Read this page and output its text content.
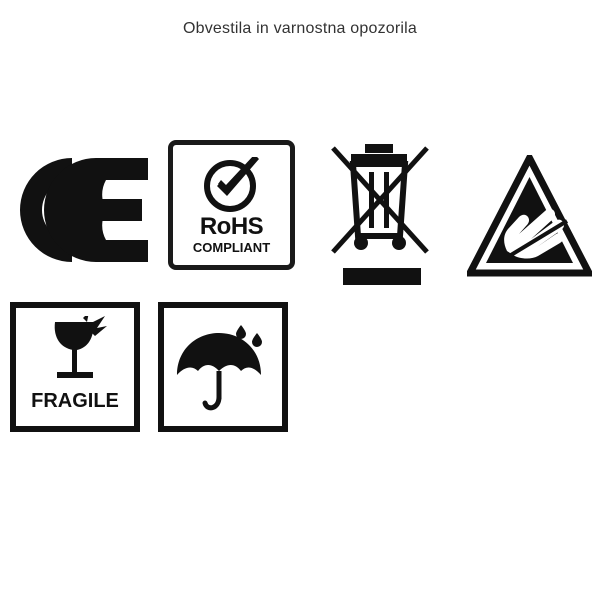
Obvestila in varnostna opozorila
RoHS
COMPLIANT
FRAGILE
